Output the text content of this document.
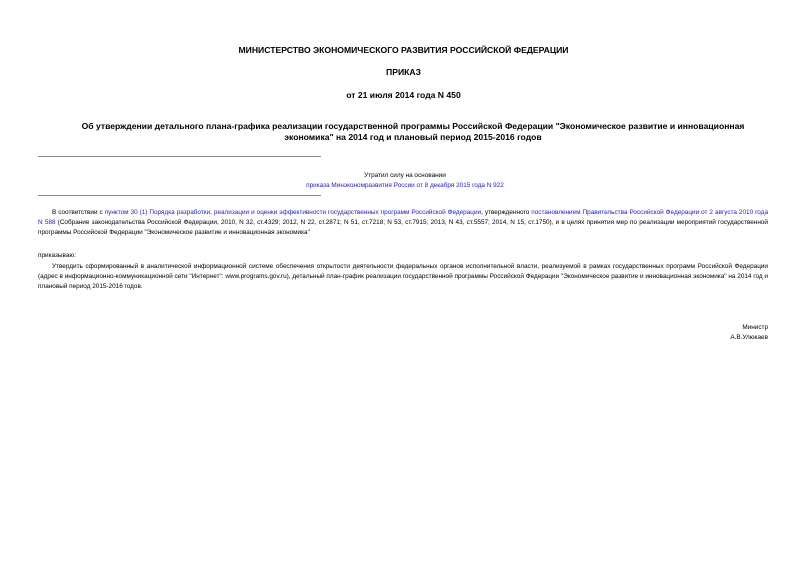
МИНИСТЕРСТВО ЭКОНОМИЧЕСКОГО РАЗВИТИЯ РОССИЙСКОЙ ФЕДЕРАЦИИ
ПРИКАЗ
от 21 июля 2014 года N 450
Об утверждении детального плана-графика реализации государственной программы Российской Федерации "Экономическое развитие и инновационная экономика" на 2014 год и плановый период 2015-2016 годов
Утратил силу на основании
приказа Минэкономразвития России от 8 декабря 2015 года N 922
В соответствии с пунктом 30 (1) Порядка разработки, реализации и оценки эффективности государственных программ Российской Федерации, утвержденного постановлением Правительства Российской Федерации от 2 августа 2010 года N 588 (Собрание законодательства Российской Федерации, 2010, N 32, ст.4329; 2012, N 22, ст.2871; N 51, ст.7218; N 53, ст.7915; 2013, N 43, ст.5557; 2014, N 15, ст.1750), и в целях принятия мер по реализации мероприятий государственной программы Российской Федерации "Экономическое развитие и инновационная экономика"
приказываю:
Утвердить сформированный в аналитической информационной системе обеспечения открытости деятельности федеральных органов исполнительной власти, реализуемой в рамках государственных программ Российской Федерации (адрес в информационно-коммуникационной сети "Интернет": www.programs.gov.ru), детальный план-график реализации государственной программы Российской Федерации "Экономическое развитие и инновационная экономика" на 2014 год и плановый период 2015-2016 годов.
Министр
А.В.Улюкаев
